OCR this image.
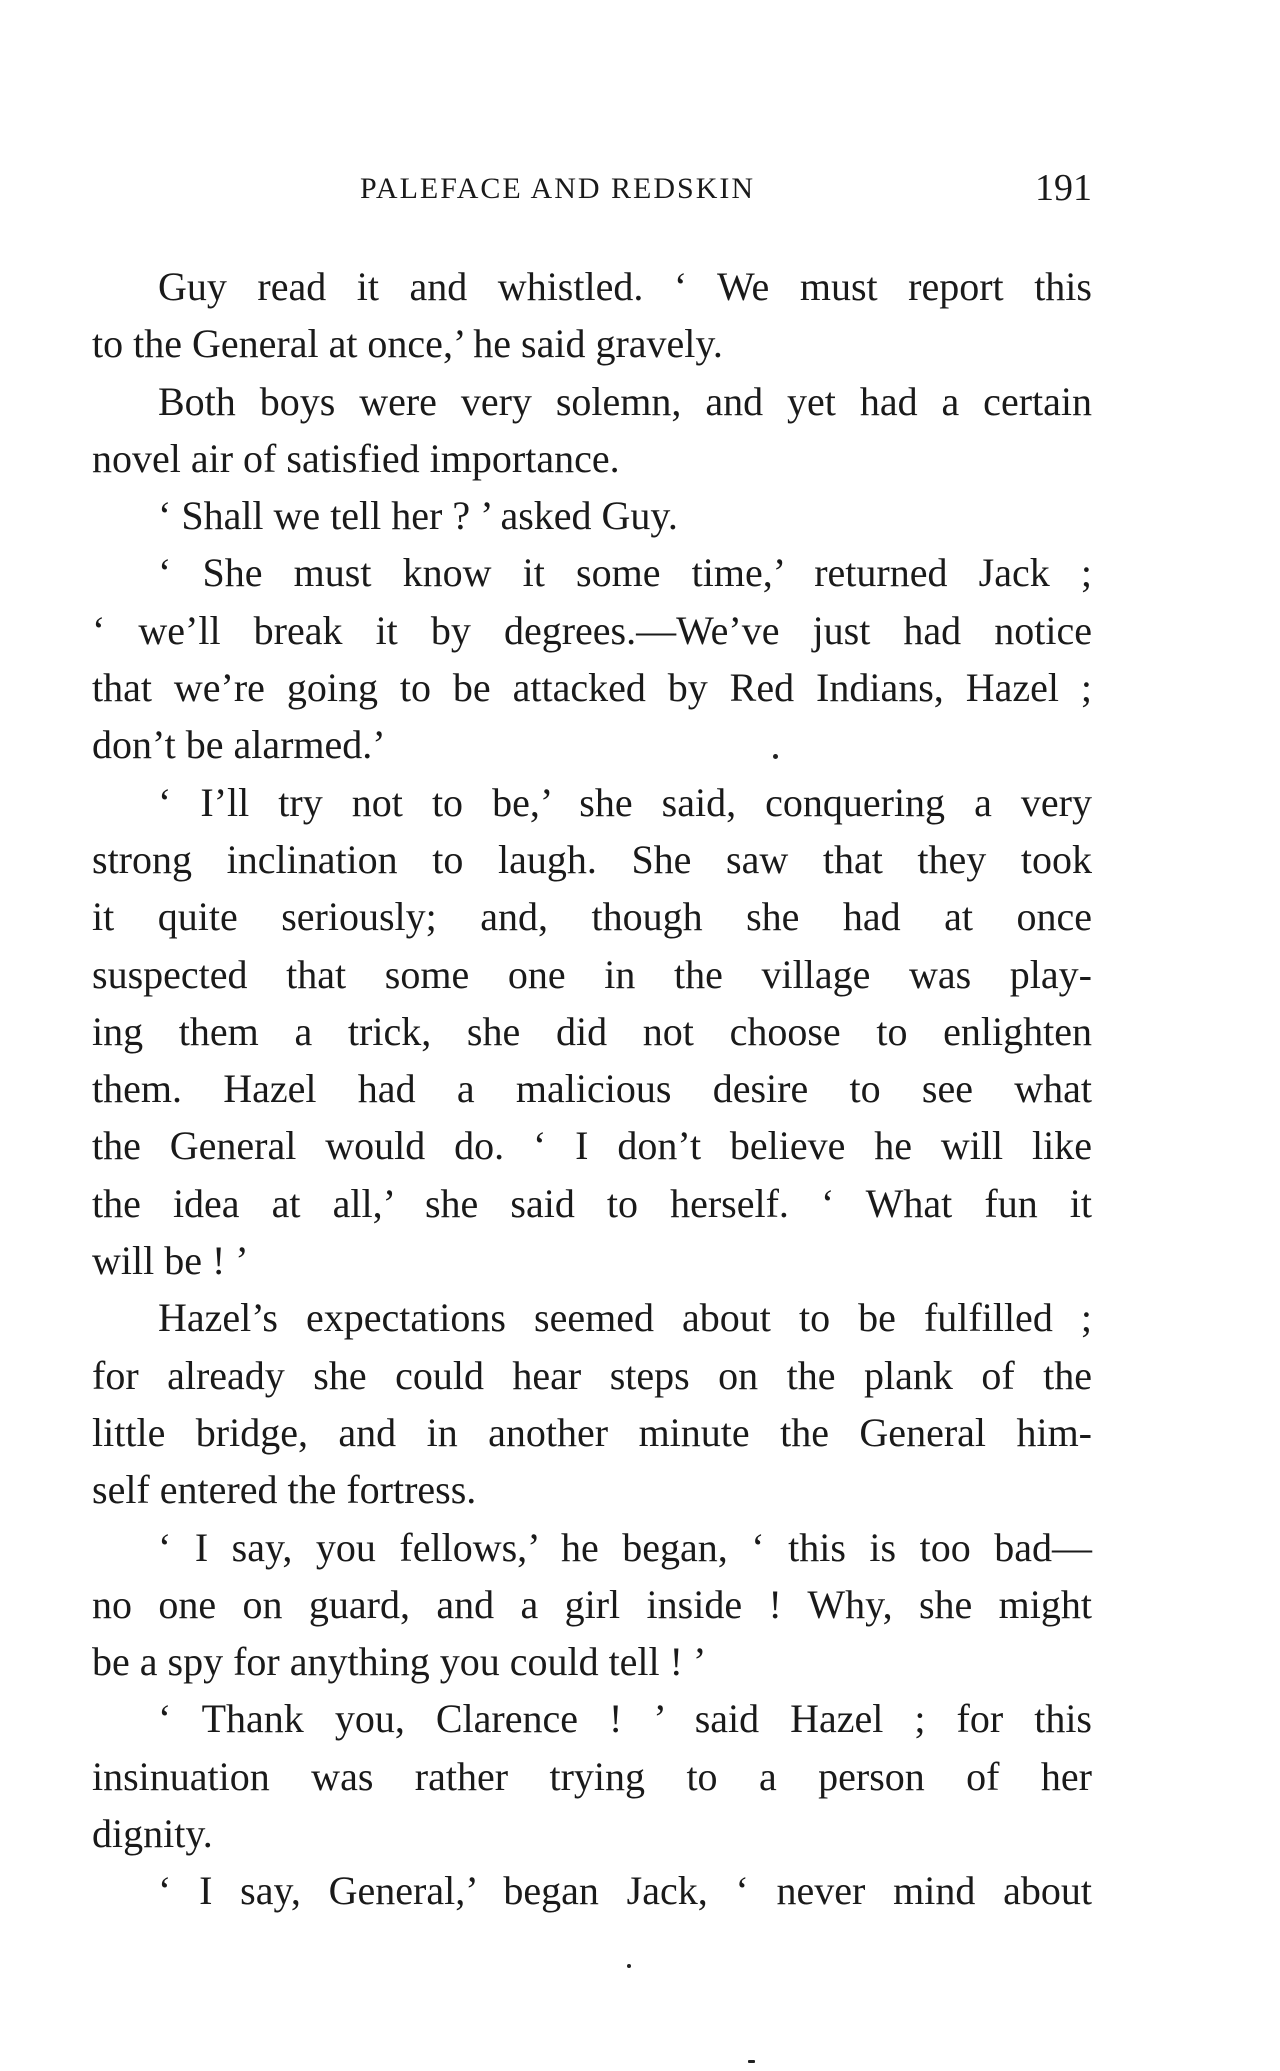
PALEFACE AND REDSKIN	191

Guy read it and whistled. ‘ We must report this
to the General at once,’ he said gravely.

Both boys were very solemn, and yet had a certain
novel air of satisfied importance.

‘ Shall we tell her ? ’ asked Guy.

‘ She must know it some time,’ returned Jack ;
‘ we’ll break it by degrees.—We’ve just had notice
that we’re going to be attacked by Red Indians, Hazel ;
don’t be alarmed.’

‘ I’ll try not to be,’ she said, conquering a very
strong inclination to laugh. She saw that they took
it quite seriously; and, though she had at once
suspected that some one in the village was play-
ing them a trick, she did not choose to enlighten
them. Hazel had a malicious desire to see what
the General would do. ‘ I don’t believe he will like
the idea at all,’ she said to herself. ‘ What fun it
will be ! ’

Hazel’s expectations seemed about to be fulfilled ;
for already she could hear steps on the plank of the
little bridge, and in another minute the General him-
self entered the fortress.

‘ I say, you fellows,’ he began, ‘ this is too bad—
no one on guard, and a girl inside ! Why, she might
be a spy for anything you could tell ! ’

‘ Thank you, Clarence ! ’ said Hazel ; for this
insinuation was rather trying to a person of her
dignity.

‘ I say, General,’ began Jack, ‘ never mind about
